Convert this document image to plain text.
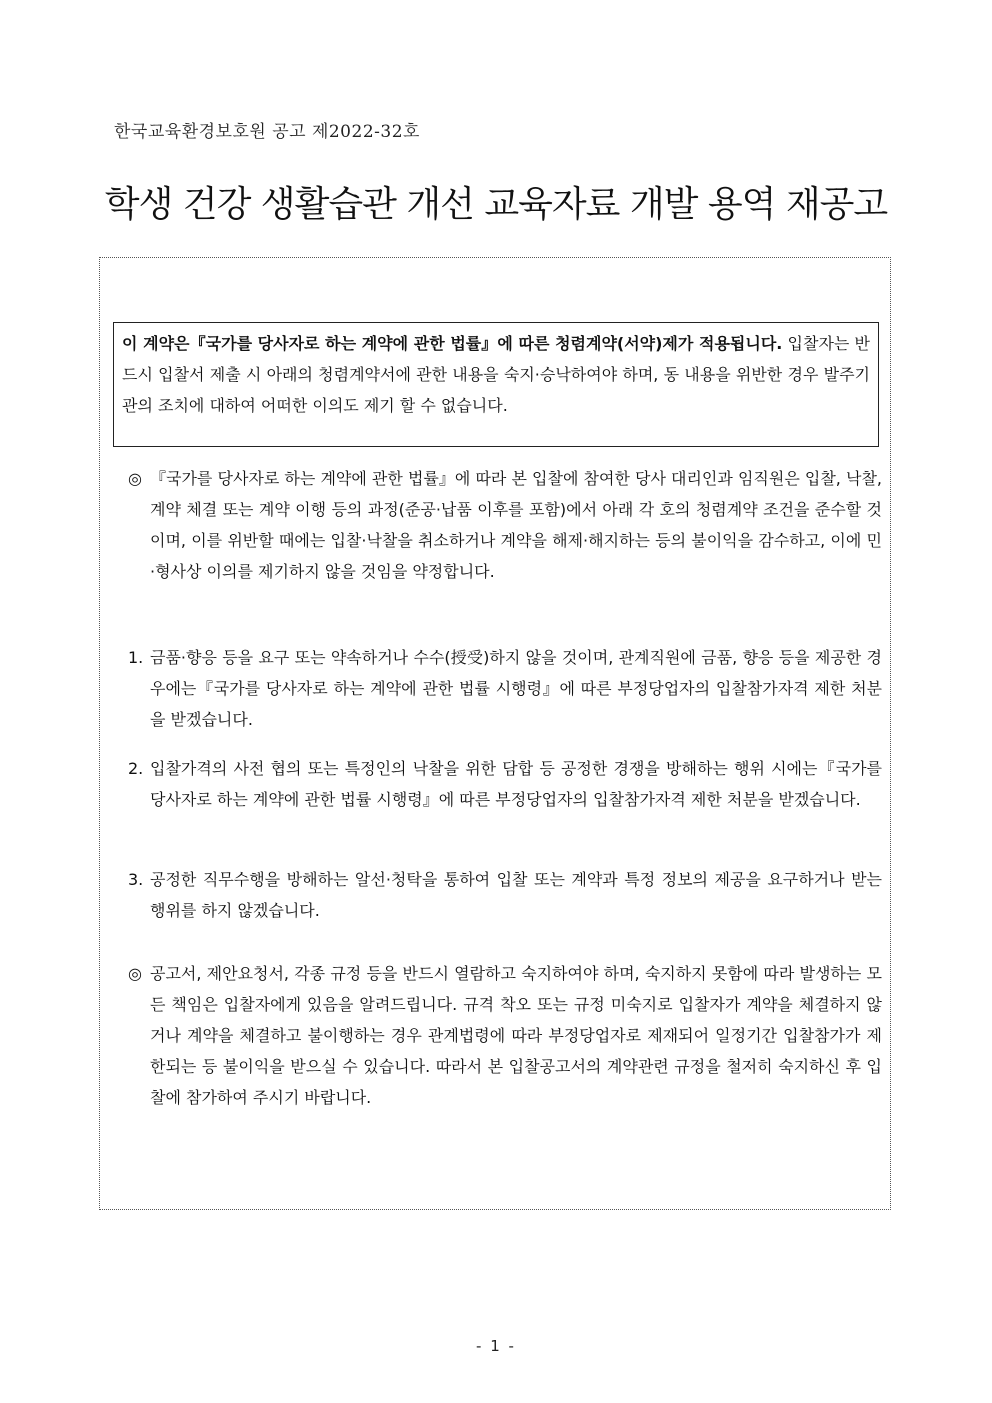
한국교육환경보호원 공고 제2022-32호
학생 건강 생활습관 개선 교육자료 개발 용역 재공고
이 계약은『국가를 당사자로 하는 계약에 관한 법률』에 따른 청렴계약(서약)제가 적용됩니다. 입찰자는 반드시 입찰서 제출 시 아래의 청렴계약서에 관한 내용을 숙지·승낙하여야 하며, 동 내용을 위반한 경우 발주기관의 조치에 대하여 어떠한 이의도 제기 할 수 없습니다.
◎ 『국가를 당사자로 하는 계약에 관한 법률』에 따라 본 입찰에 참여한 당사 대리인과 임직원은 입찰, 낙찰, 계약 체결 또는 계약 이행 등의 과정(준공·납품 이후를 포함)에서 아래 각 호의 청렴계약 조건을 준수할 것이며, 이를 위반할 때에는 입찰·낙찰을 취소하거나 계약을 해제·해지하는 등의 불이익을 감수하고, 이에 민·형사상 이의를 제기하지 않을 것임을 약정합니다.
1. 금품·향응 등을 요구 또는 약속하거나 수수(授受)하지 않을 것이며, 관계직원에 금품, 향응 등을 제공한 경우에는『국가를 당사자로 하는 계약에 관한 법률 시행령』에 따른 부정당업자의 입찰참가자격 제한 처분을 받겠습니다.
2. 입찰가격의 사전 협의 또는 특정인의 낙찰을 위한 담합 등 공정한 경쟁을 방해하는 행위 시에는『국가를 당사자로 하는 계약에 관한 법률 시행령』에 따른 부정당업자의 입찰참가자격 제한 처분을 받겠습니다.
3. 공정한 직무수행을 방해하는 알선·청탁을 통하여 입찰 또는 계약과 특정 정보의 제공을 요구하거나 받는 행위를 하지 않겠습니다.
◎ 공고서, 제안요청서, 각종 규정 등을 반드시 열람하고 숙지하여야 하며, 숙지하지 못함에 따라 발생하는 모든 책임은 입찰자에게 있음을 알려드립니다. 규격 착오 또는 규정 미숙지로 입찰자가 계약을 체결하지 않거나 계약을 체결하고 불이행하는 경우 관계법령에 따라 부정당업자로 제재되어 일정기간 입찰참가가 제한되는 등 불이익을 받으실 수 있습니다. 따라서 본 입찰공고서의 계약관련 규정을 철저히 숙지하신 후 입찰에 참가하여 주시기 바랍니다.
- 1 -
